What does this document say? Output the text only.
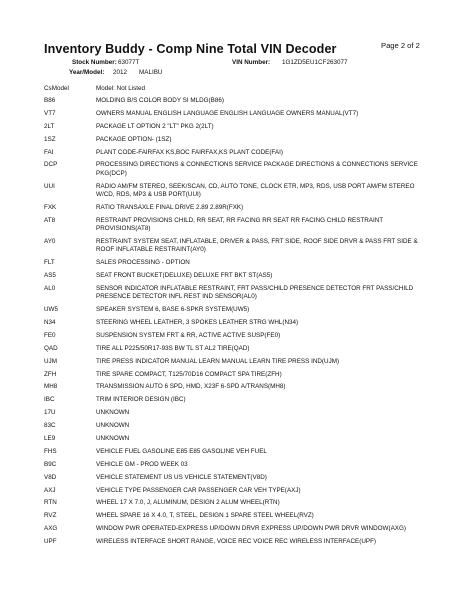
Inventory Buddy - Comp Nine Total VIN Decoder	Page 2 of 2
Stock Number: 63077T	VIN Number: 1G1ZD5EU1CF263077
Year/Model: 2012 MALIBU
CsModel	Model: Not Listed
B86	MOLDING B/S COLOR BODY SI MLDG(B86)
VT7	OWNERS MANUAL ENGLISH LANGUAGE ENGLISH LANGUAGE OWNERS MANUAL(VT7)
2LT	PACKAGE LT OPTION 2 "LT" PKG 2(2LT)
1SZ	PACKAGE OPTION- (1SZ)
FAI	PLANT CODE-FAIRFAX KS,BOC FAIRFAX,KS PLANT CODE(FAI)
DCP	PROCESSING DIRECTIONS & CONNECTIONS SERVICE PACKAGE DIRECTIONS & CONNECTIONS SERVICE PKG(DCP)
UUI	RADIO AM/FM STEREO, SEEK/SCAN, CD, AUTO TONE, CLOCK ETR, MP3, RDS, USB PORT AM/FM STEREO W/CD, RDS, MP3 & USB PORT(UUI)
FXK	RATIO TRANSAXLE FINAL DRIVE 2.89 2.89R(FXK)
AT8	RESTRAINT PROVISIONS CHILD, RR SEAT, RR FACING RR SEAT RR FACING CHILD RESTRAINT PROVISIONS(AT8)
AY0	RESTRAINT SYSTEM SEAT, INFLATABLE, DRIVER & PASS, FRT SIDE, ROOF SIDE DRVR & PASS FRT SIDE & ROOF INFLATABLE RESTRAINT(AY0)
FLT	SALES PROCESSING - OPTION
AS5	SEAT FRONT BUCKET(DELUXE) DELUXE FRT BKT ST(AS5)
AL0	SENSOR INDICATOR INFLATABLE RESTRAINT, FRT PASS/CHILD PRESENCE DETECTOR FRT PASS/CHILD PRESENCE DETECTOR INFL REST IND SENSOR(AL0)
UW5	SPEAKER SYSTEM 6, BASE 6-SPKR SYSTEM(UW5)
N34	STEERING WHEEL LEATHER, 3 SPOKES LEATHER STRG WHL(N34)
FE0	SUSPENSION SYSTEM FRT & RR, ACTIVE ACTIVE SUSP(FE0)
QAD	TIRE ALL P225/50R17-93S BW TL ST AL2 TIRE(QAD)
UJM	TIRE PRESS INDICATOR MANUAL LEARN MANUAL LEARN TIRE PRESS IND(UJM)
ZFH	TIRE SPARE COMPACT, T125/70D16 COMPACT SPA TIRE(ZFH)
MH8	TRANSMISSION AUTO 6 SPD, HMD, X23F 6-SPD A/TRANS(MH8)
IBC	TRIM INTERIOR DESIGN (IBC)
17U	UNKNOWN
83C	UNKNOWN
LE9	UNKNOWN
FHS	VEHICLE FUEL GASOLINE E85 E85 GASOLINE VEH FUEL
B9C	VEHICLE GM - PROD WEEK 03
V8D	VEHICLE STATEMENT US US VEHICLE STATEMENT(V8D)
AXJ	VEHICLE TYPE PASSENGER CAR PASSENGER CAR VEH TYPE(AXJ)
RTN	WHEEL 17 X 7.0, J, ALUMINUM, DESIGN 2 ALUM WHEEL(RTN)
RVZ	WHEEL SPARE 16 X 4.0, T, STEEL, DESIGN 1 SPARE STEEL WHEEL(RVZ)
AXG	WINDOW PWR OPERATED-EXPRESS UP/DOWN DRVR EXPRESS UP/DOWN PWR DRVR WINDOW(AXG)
UPF	WIRELESS INTERFACE SHORT RANGE, VOICE REC VOICE REC WIRELESS INTERFACE(UPF)
